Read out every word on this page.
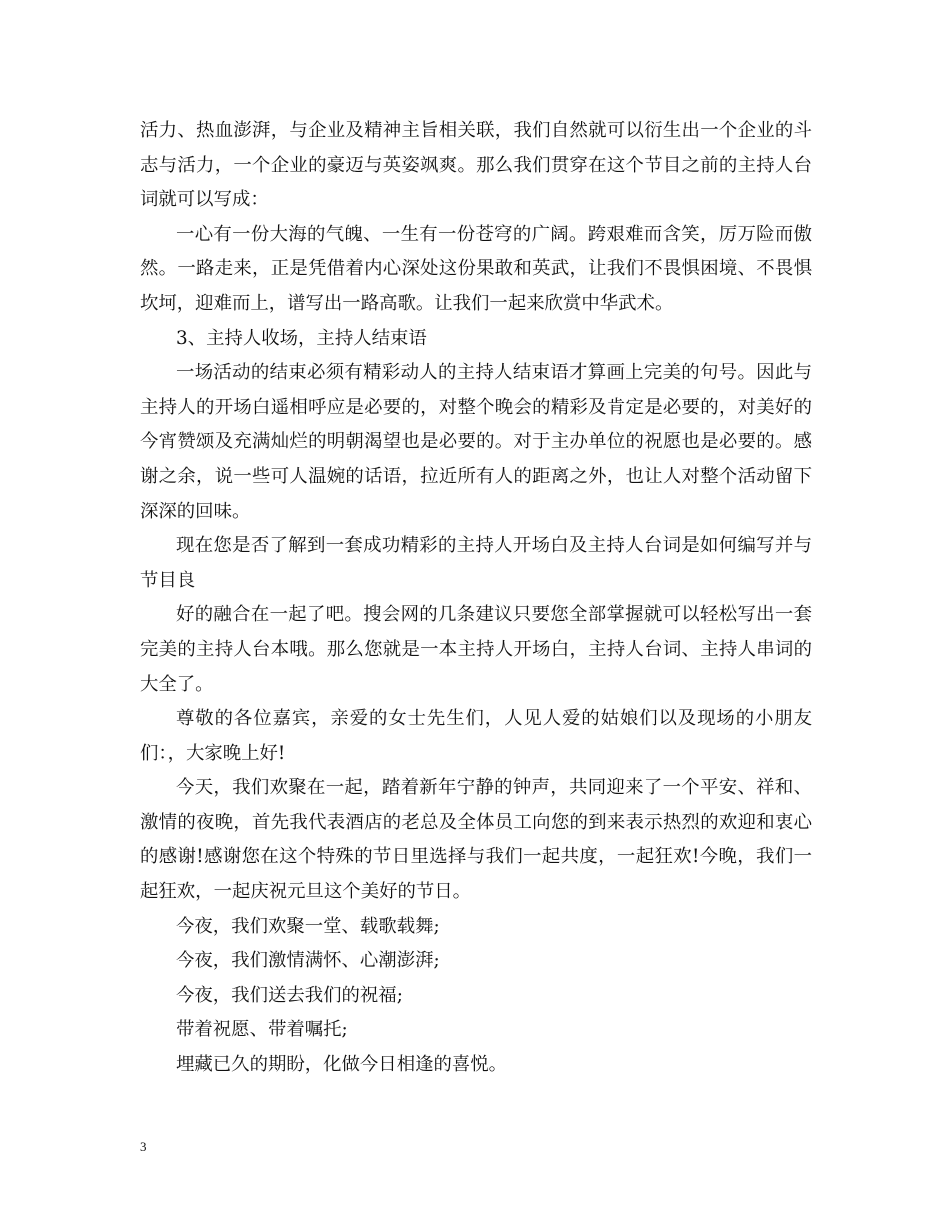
活力、热血澎湃，与企业及精神主旨相关联，我们自然就可以衍生出一个企业的斗志与活力，一个企业的豪迈与英姿飒爽。那么我们贯穿在这个节目之前的主持人台词就可以写成：

一心有一份大海的气魄、一生有一份苍穹的广阔。跨艰难而含笑，厉万险而傲然。一路走来，正是凭借着内心深处这份果敢和英武，让我们不畏惧困境、不畏惧坎坷，迎难而上，谱写出一路高歌。让我们一起来欣赏中华武术。

3、主持人收场，主持人结束语

一场活动的结束必须有精彩动人的主持人结束语才算画上完美的句号。因此与主持人的开场白遥相呼应是必要的，对整个晚会的精彩及肯定是必要的，对美好的今宵赞颂及充满灿烂的明朝渴望也是必要的。对于主办单位的祝愿也是必要的。感谢之余，说一些可人温婉的话语，拉近所有人的距离之外，也让人对整个活动留下深深的回味。

现在您是否了解到一套成功精彩的主持人开场白及主持人台词是如何编写并与节目良

好的融合在一起了吧。搜会网的几条建议只要您全部掌握就可以轻松写出一套完美的主持人台本哦。那么您就是一本主持人开场白，主持人台词、主持人串词的大全了。

尊敬的各位嘉宾，亲爱的女士先生们，人见人爱的姑娘们以及现场的小朋友们：，大家晚上好!

今天，我们欢聚在一起，踏着新年宁静的钟声，共同迎来了一个平安、祥和、激情的夜晚，首先我代表酒店的老总及全体员工向您的到来表示热烈的欢迎和衷心的感谢!感谢您在这个特殊的节日里选择与我们一起共度，一起狂欢!今晚，我们一起狂欢，一起庆祝元旦这个美好的节日。

今夜，我们欢聚一堂、载歌载舞;

今夜，我们激情满怀、心潮澎湃;

今夜，我们送去我们的祝福;

带着祝愿、带着嘱托;

埋藏已久的期盼，化做今日相逢的喜悦。

3
